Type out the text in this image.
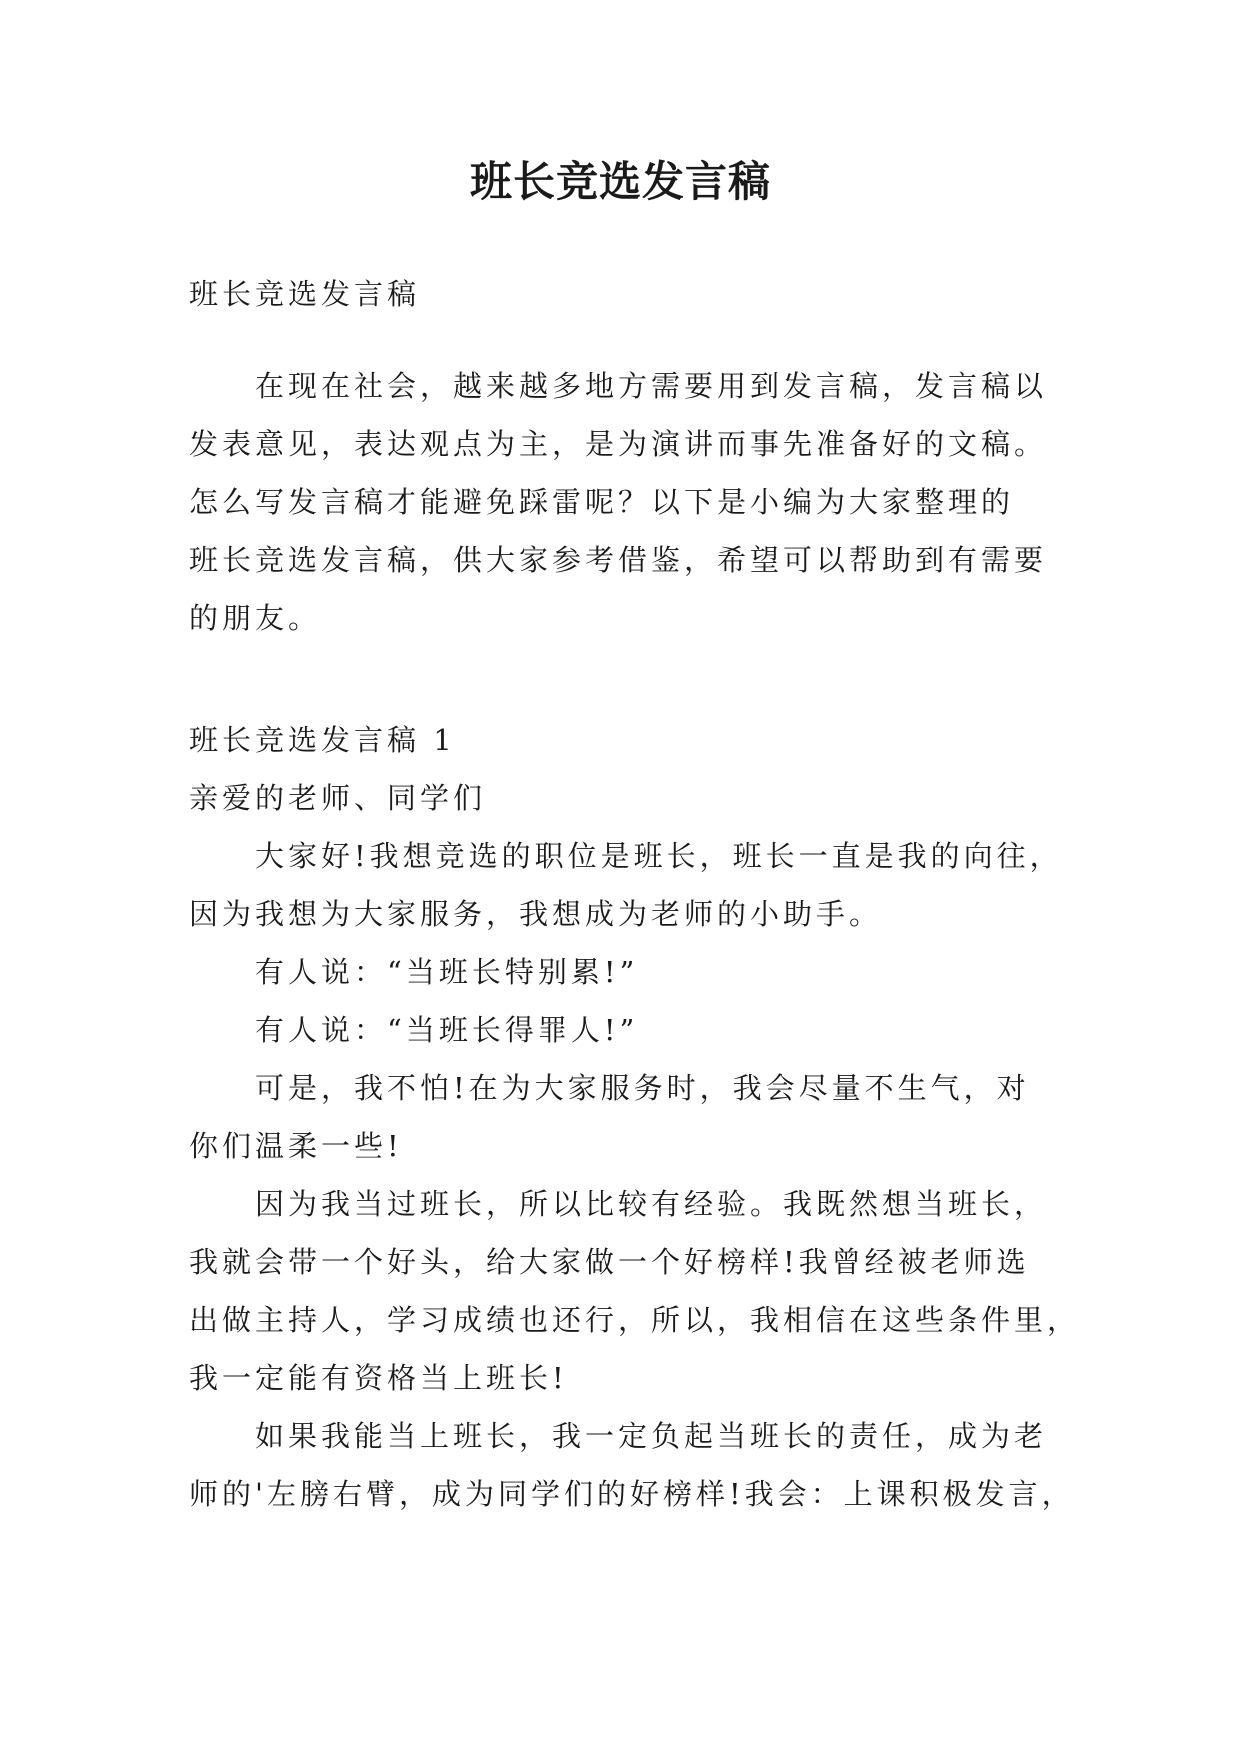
班长竞选发言稿

班长竞选发言稿

在现在社会，越来越多地方需要用到发言稿，发言稿以
发表意见，表达观点为主，是为演讲而事先准备好的文稿。
怎么写发言稿才能避免踩雷呢？以下是小编为大家整理的
班长竞选发言稿，供大家参考借鉴，希望可以帮助到有需要
的朋友。

班长竞选发言稿 1

亲爱的老师、同学们

大家好!我想竞选的职位是班长，班长一直是我的向往，
因为我想为大家服务，我想成为老师的小助手。
有人说：“当班长特别累!”
有人说：“当班长得罪人!”
可是，我不怕!在为大家服务时，我会尽量不生气，对
你们温柔一些!
因为我当过班长，所以比较有经验。我既然想当班长，
我就会带一个好头，给大家做一个好榜样!我曾经被老师选
出做主持人，学习成绩也还行，所以，我相信在这些条件里，
我一定能有资格当上班长!
如果我能当上班长，我一定负起当班长的责任，成为老
师的'左膀右臂，成为同学们的好榜样!我会：上课积极发言，
